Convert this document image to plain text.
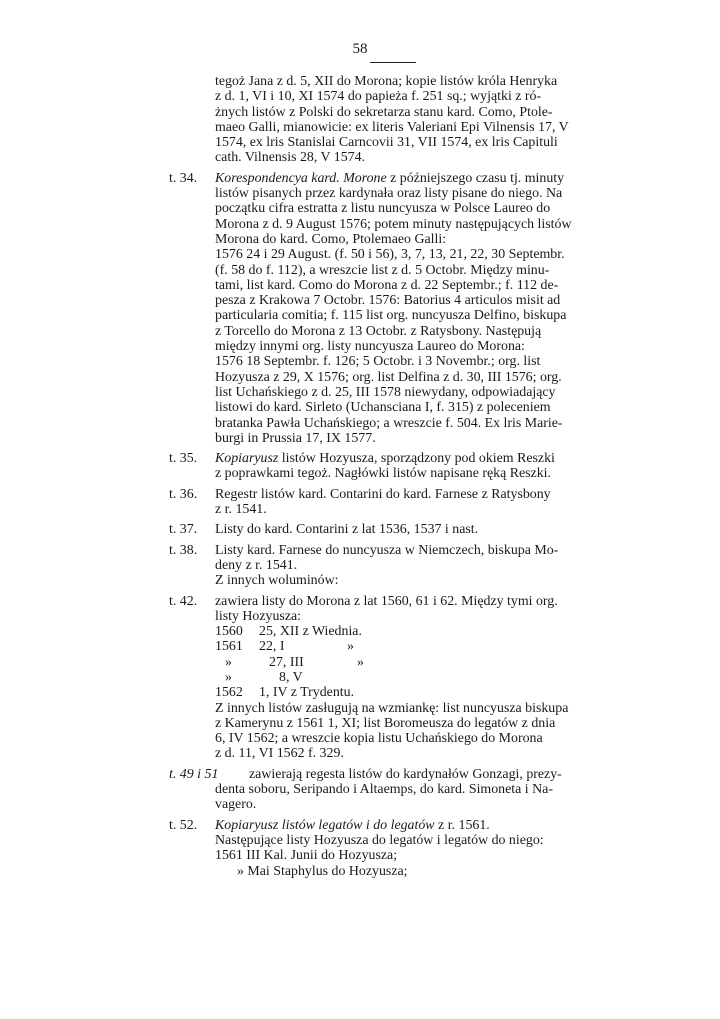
58
tegoż Jana z d. 5, XII do Morona; kopie listów króla Henryka
z d. 1, VI i 10, XI 1574 do papieża f. 251 sq.; wyjątki z ró-
żnych listów z Polski do sekretarza stanu kard. Como, Ptole-
maeo Galli, mianowicie: ex literis Valeriani Epi Vilnensis 17, V
1574, ex lris Stanislai Carncovii 31, VII 1574, ex lris Capituli
cath. Vilnensis 28, V 1574.
t. 34. Korespondencya kard. Morone z późniejszego czasu tj. minuty
listów pisanych przez kardynała oraz listy pisane do niego. Na
początku cifra estratta z listu nuncyusza w Polsce Laureo do
Morona z d. 9 August 1576; potem minuty następujących listów
Morona do kard. Como, Ptolemaeo Galli:
1576 24 i 29 August. (f. 50 i 56), 3, 7, 13, 21, 22, 30 Septembr.
(f. 58 do f. 112), a wreszcie list z d. 5 Octobr. Między minu-
tami, list kard. Como do Morona z d. 22 Septembr.; f. 112 de-
pesza z Krakowa 7 Octobr. 1576: Batorius 4 articulos misit ad
particularia comitia; f. 115 list org. nuncyusza Delfino, biskupa
z Torcello do Morona z 13 Octobr. z Ratysbony. Następują
między innymi org. listy nuncyusza Laureo do Morona:
1576 18 Septembr. f. 126; 5 Octobr. i 3 Novembr.; org. list
Hozyusza z 29, X 1576; org. list Delfina z d. 30, III 1576; org.
list Uchańskiego z d. 25, III 1578 niewydany, odpowiadający
listowi do kard. Sirleto (Uchansciana I, f. 315) z poleceniem
bratanka Pawła Uchańskiego; a wreszcie f. 504. Ex lris Marie-
burgi in Prussia 17, IX 1577.
t. 35. Kopiaryusz listów Hozyusza, sporządzony pod okiem Reszki
z poprawkami tegoż. Nagłówki listów napisane ręką Reszki.
t. 36. Regestr listów kard. Contarini do kard. Farnese z Ratysbony
z r. 1541.
t. 37. Listy do kard. Contarini z lat 1536, 1537 i nast.
t. 38. Listy kard. Farnese do nuncyusza w Niemczech, biskupa Mo-
deny z r. 1541.
Z innych woluminów:
t. 42. zawiera listy do Morona z lat 1560, 61 i 62. Między tymi org.
listy Hozyusza:
1560 25, XII z Wiednia.
1561 22, I	»
»	27, III	»
»	8, V
1562 1, IV z Trydentu.
Z innych listów zasługują na wzmiankę: list nuncyusza biskupa
z Kamerynu z 1561 1, XI; list Boromeusza do legatów z dnia
6, IV 1562; a wreszcie kopia listu Uchańskiego do Morona
z d. 11, VI 1562 f. 329.
t. 49 i 51	zawierają regesta listów do kardynałów Gonzagi, prezy-
denta soboru, Seripando i Altaemps, do kard. Simoneta i Na-
vagero.
t. 52. Kopiaryusz listów legatów i do legatów z r. 1561.
Następujące listy Hozyusza do legatów i legatów do niego:
1561 III Kal. Junii do Hozyusza;
» Mai Staphylus do Hozyusza;
